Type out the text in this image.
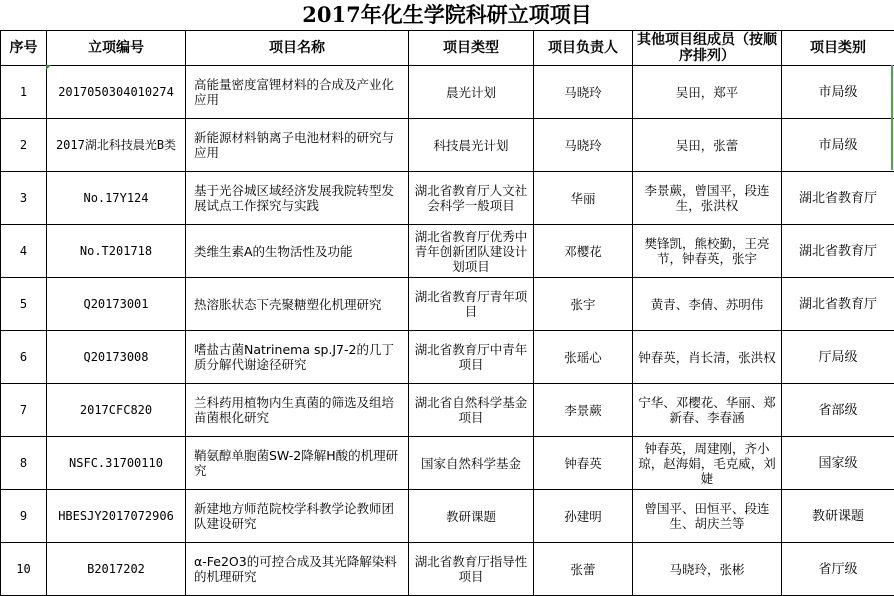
2017年化生学院科研立项项目
序号	立项编号	项目名称	项目类型	项目负责人	其他项目组成员（按顺序排列）	项目类别
1	2017050304010274	高能量密度富锂材料的合成及产业化应用	晨光计划	马晓玲	吴田，郑平	市局级
2	2017湖北科技晨光B类	新能源材料钠离子电池材料的研究与应用	科技晨光计划	马晓玲	吴田，张蕾	市局级
3	No.17Y124	基于光谷城区域经济发展我院转型发展试点工作探究与实践	湖北省教育厅人文社会科学一般项目	华丽	李景蕨，曾国平，段连生，张洪权	湖北省教育厅
4	No.T201718	类维生素A的生物活性及功能	湖北省教育厅优秀中青年创新团队建设计划项目	邓樱花	樊锋凯，熊校勤，王亮节，钟春英，张宇	湖北省教育厅
5	Q20173001	热溶胀状态下壳聚糖塑化机理研究	湖北省教育厅青年项目	张宇	黄青、李倩、苏明伟	湖北省教育厅
6	Q20173008	嗜盐古菌Natrinema sp.J7-2的几丁质分解代谢途径研究	湖北省教育厅中青年项目	张瑶心	钟春英，肖长清，张洪权	厅局级
7	2017CFC820	兰科药用植物内生真菌的筛选及组培苗菌根化研究	湖北省自然科学基金项目	李景蕨	宁华、邓樱花、华丽、郑新春、李春涵	省部级
8	NSFC.31700110	鞘氨醇单胞菌SW-2降解H酸的机理研究	国家自然科学基金	钟春英	钟春英，周建刚，齐小琼，赵海娟，毛克威，刘婕	国家级
9	HBESJY2017072906	新建地方师范院校学科教学论教师团队建设研究	教研课题	孙建明	曾国平、田恒平、段连生、胡庆兰等	教研课题
10	B2017202	α-Fe2O3的可控合成及其光降解染料的机理研究	湖北省教育厅指导性项目	张蕾	马晓玲，张彬	省厅级
